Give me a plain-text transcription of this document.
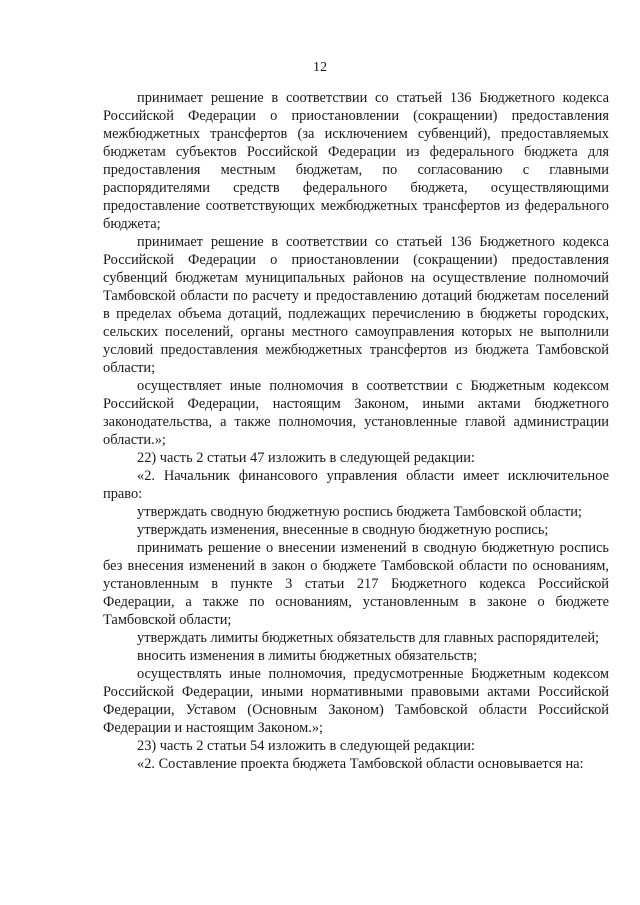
12

принимает решение в соответствии со статьей 136 Бюджетного кодекса Российской Федерации о приостановлении (сокращении) предоставления межбюджетных трансфертов (за исключением субвенций), предоставляемых бюджетам субъектов Российской Федерации из федерального бюджета для предоставления местным бюджетам, по согласованию с главными распорядителями средств федерального бюджета, осуществляющими предоставление соответствующих межбюджетных трансфертов из федерального бюджета;

принимает решение в соответствии со статьей 136 Бюджетного кодекса Российской Федерации о приостановлении (сокращении) предоставления субвенций бюджетам муниципальных районов на осуществление полномочий Тамбовской области по расчету и предоставлению дотаций бюджетам поселений в пределах объема дотаций, подлежащих перечислению в бюджеты городских, сельских поселений, органы местного самоуправления которых не выполнили условий предоставления межбюджетных трансфертов из бюджета Тамбовской области;

осуществляет иные полномочия в соответствии с Бюджетным кодексом Российской Федерации, настоящим Законом, иными актами бюджетного законодательства, а также полномочия, установленные главой администрации области.»;

22) часть 2 статьи 47 изложить в следующей редакции:

«2. Начальник финансового управления области имеет исключительное право:

утверждать сводную бюджетную роспись бюджета Тамбовской области;

утверждать изменения, внесенные в сводную бюджетную роспись;

принимать решение о внесении изменений в сводную бюджетную роспись без внесения изменений в закон о бюджете Тамбовской области по основаниям, установленным в пункте 3 статьи 217 Бюджетного кодекса Российской Федерации, а также по основаниям, установленным в законе о бюджете Тамбовской области;

утверждать лимиты бюджетных обязательств для главных распорядителей;

вносить изменения в лимиты бюджетных обязательств;

осуществлять иные полномочия, предусмотренные Бюджетным кодексом Российской Федерации, иными нормативными правовыми актами Российской Федерации, Уставом (Основным Законом) Тамбовской области Российской Федерации и настоящим Законом.»;

23) часть 2 статьи 54 изложить в следующей редакции:

«2. Составление проекта бюджета Тамбовской области основывается на:
